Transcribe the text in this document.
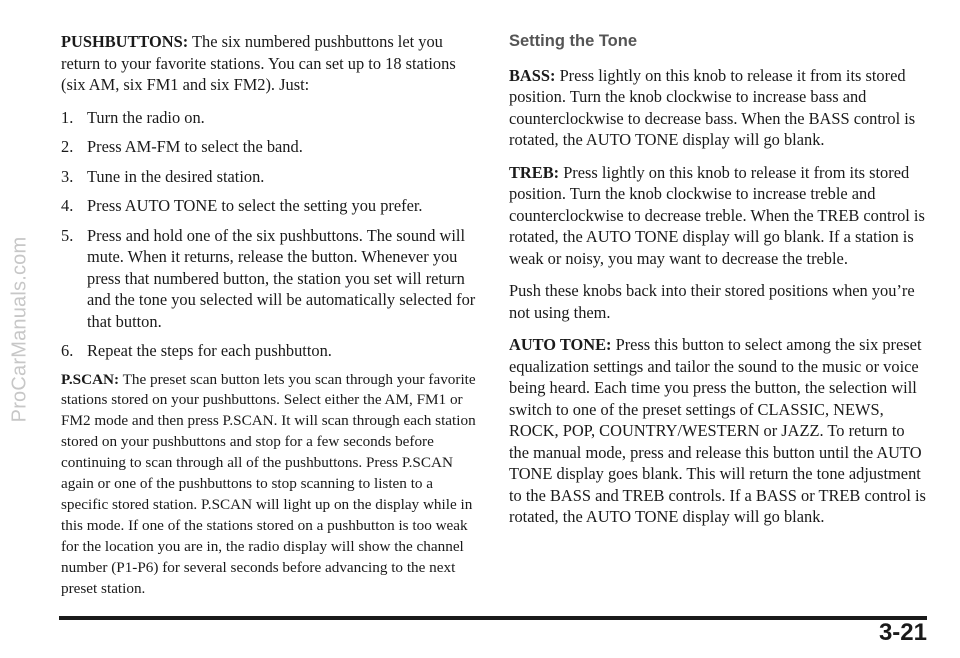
ProCarManuals.com

PUSHBUTTONS: The six numbered pushbuttons let you return to your favorite stations. You can set up to 18 stations (six AM, six FM1 and six FM2). Just:

1. Turn the radio on.
2. Press AM-FM to select the band.
3. Tune in the desired station.
4. Press AUTO TONE to select the setting you prefer.
5. Press and hold one of the six pushbuttons. The sound will mute. When it returns, release the button. Whenever you press that numbered button, the station you set will return and the tone you selected will be automatically selected for that button.
6. Repeat the steps for each pushbutton.

P.SCAN: The preset scan button lets you scan through your favorite stations stored on your pushbuttons. Select either the AM, FM1 or FM2 mode and then press P.SCAN. It will scan through each station stored on your pushbuttons and stop for a few seconds before continuing to scan through all of the pushbuttons. Press P.SCAN again or one of the pushbuttons to stop scanning to listen to a specific stored station. P.SCAN will light up on the display while in this mode. If one of the stations stored on a pushbutton is too weak for the location you are in, the radio display will show the channel number (P1-P6) for several seconds before advancing to the next preset station.

Setting the Tone

BASS: Press lightly on this knob to release it from its stored position. Turn the knob clockwise to increase bass and counterclockwise to decrease bass. When the BASS control is rotated, the AUTO TONE display will go blank.

TREB: Press lightly on this knob to release it from its stored position. Turn the knob clockwise to increase treble and counterclockwise to decrease treble. When the TREB control is rotated, the AUTO TONE display will go blank. If a station is weak or noisy, you may want to decrease the treble.

Push these knobs back into their stored positions when you’re not using them.

AUTO TONE: Press this button to select among the six preset equalization settings and tailor the sound to the music or voice being heard. Each time you press the button, the selection will switch to one of the preset settings of CLASSIC, NEWS, ROCK, POP, COUNTRY/WESTERN or JAZZ. To return to the manual mode, press and release this button until the AUTO TONE display goes blank. This will return the tone adjustment to the BASS and TREB controls. If a BASS or TREB control is rotated, the AUTO TONE display will go blank.

3-21
